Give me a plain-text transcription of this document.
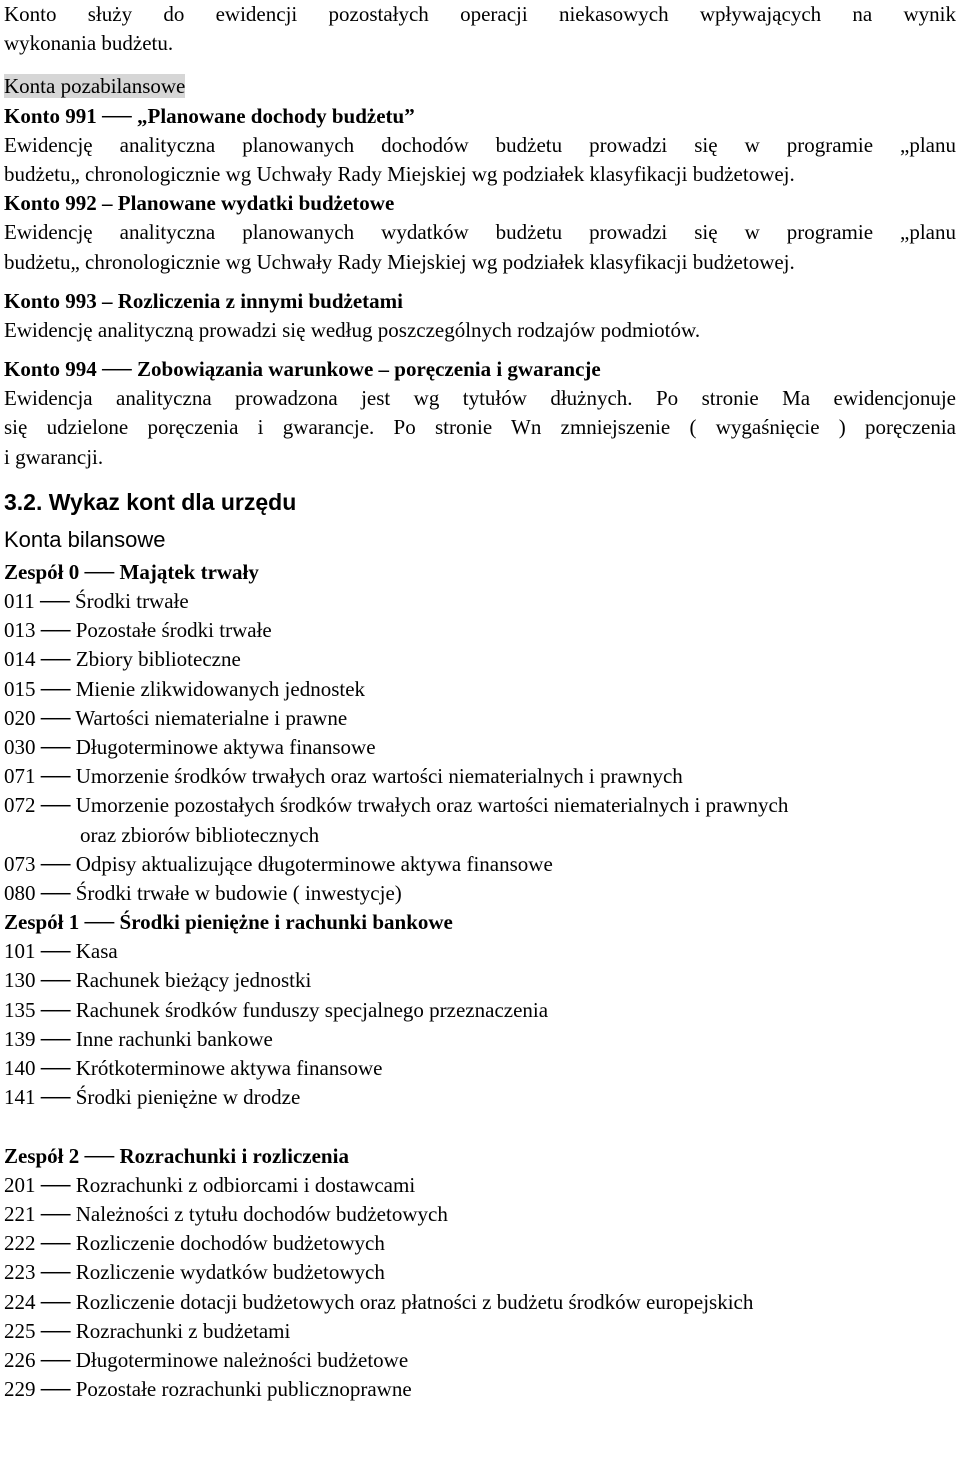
Konto służy do ewidencji pozostałych operacji niekasowych wpływających na wynik
wykonania budżetu.
Konta pozabilansowe
Konto 991 ── „Planowane dochody budżetu”
Ewidencję analityczna planowanych dochodów budżetu prowadzi się w programie „planu
budżetu„ chronologicznie wg Uchwały Rady Miejskiej wg podziałek klasyfikacji budżetowej.
Konto 992 – Planowane wydatki budżetowe
Ewidencję analityczna planowanych wydatków budżetu prowadzi się w programie „planu
budżetu„ chronologicznie wg Uchwały Rady Miejskiej wg podziałek klasyfikacji budżetowej.
Konto 993 – Rozliczenia z innymi budżetami
Ewidencję analityczną prowadzi się według poszczególnych rodzajów podmiotów.
Konto 994 ── Zobowiązania warunkowe – poręczenia i gwarancje
Ewidencja analityczna prowadzona jest wg tytułów dłużnych. Po stronie Ma ewidencjonuje
się udzielone poręczenia i gwarancje. Po stronie Wn zmniejszenie ( wygaśnięcie ) poręczenia
i gwarancji.
3.2. Wykaz kont dla urzędu
Konta bilansowe
Zespół 0 ── Majątek trwały
011 ── Środki trwałe
013 ── Pozostałe środki trwałe
014 ── Zbiory biblioteczne
015 ── Mienie zlikwidowanych jednostek
020 ── Wartości niematerialne i prawne
030 ── Długoterminowe aktywa finansowe
071 ── Umorzenie środków trwałych oraz wartości niematerialnych i prawnych
072 ── Umorzenie pozostałych środków trwałych oraz wartości niematerialnych i prawnych
oraz zbiorów bibliotecznych
073 ── Odpisy aktualizujące długoterminowe aktywa finansowe
080 ── Środki trwałe w budowie ( inwestycje)
Zespół 1 ── Środki pieniężne i rachunki bankowe
101 ── Kasa
130 ── Rachunek bieżący jednostki
135 ── Rachunek środków funduszy specjalnego przeznaczenia
139 ── Inne rachunki bankowe
140 ── Krótkoterminowe aktywa finansowe
141 ── Środki pieniężne w drodze
Zespół 2 ── Rozrachunki i rozliczenia
201 ── Rozrachunki z odbiorcami i dostawcami
221 ── Należności z tytułu dochodów budżetowych
222 ── Rozliczenie dochodów budżetowych
223 ── Rozliczenie wydatków budżetowych
224 ── Rozliczenie dotacji budżetowych oraz płatności z budżetu środków europejskich
225 ── Rozrachunki z budżetami
226 ── Długoterminowe należności budżetowe
229 ── Pozostałe rozrachunki publicznoprawne
